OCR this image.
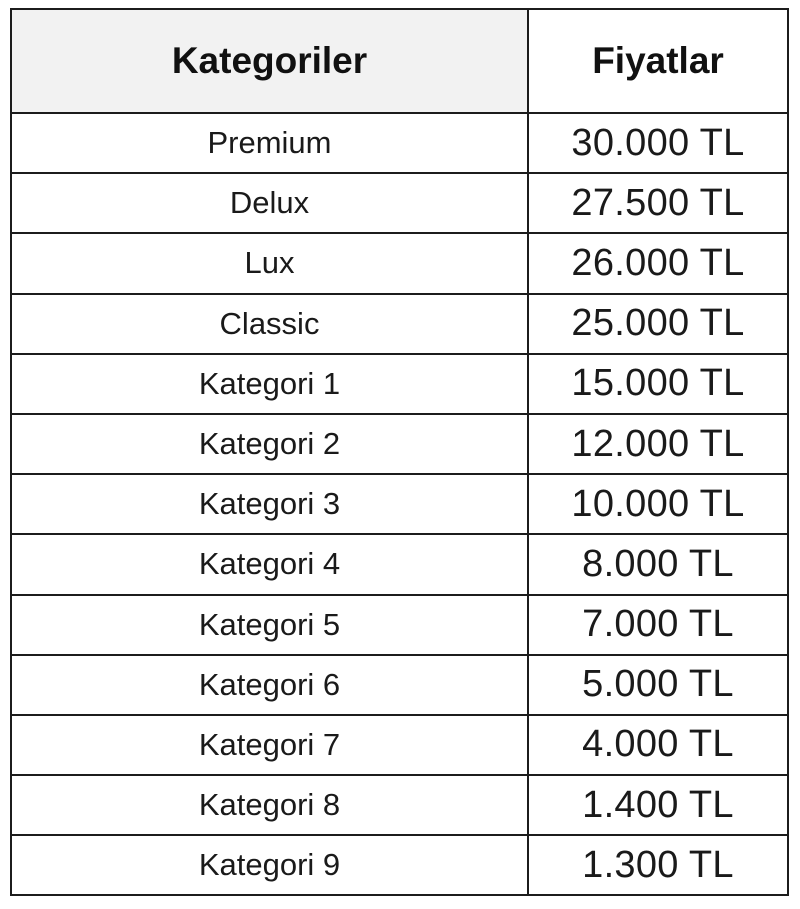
Kategoriler	Fiyatlar
Premium	30.000 TL
Delux	27.500 TL
Lux	26.000 TL
Classic	25.000 TL
Kategori 1	15.000 TL
Kategori 2	12.000 TL
Kategori 3	10.000 TL
Kategori 4	8.000 TL
Kategori 5	7.000 TL
Kategori 6	5.000 TL
Kategori 7	4.000 TL
Kategori 8	1.400 TL
Kategori 9	1.300 TL
